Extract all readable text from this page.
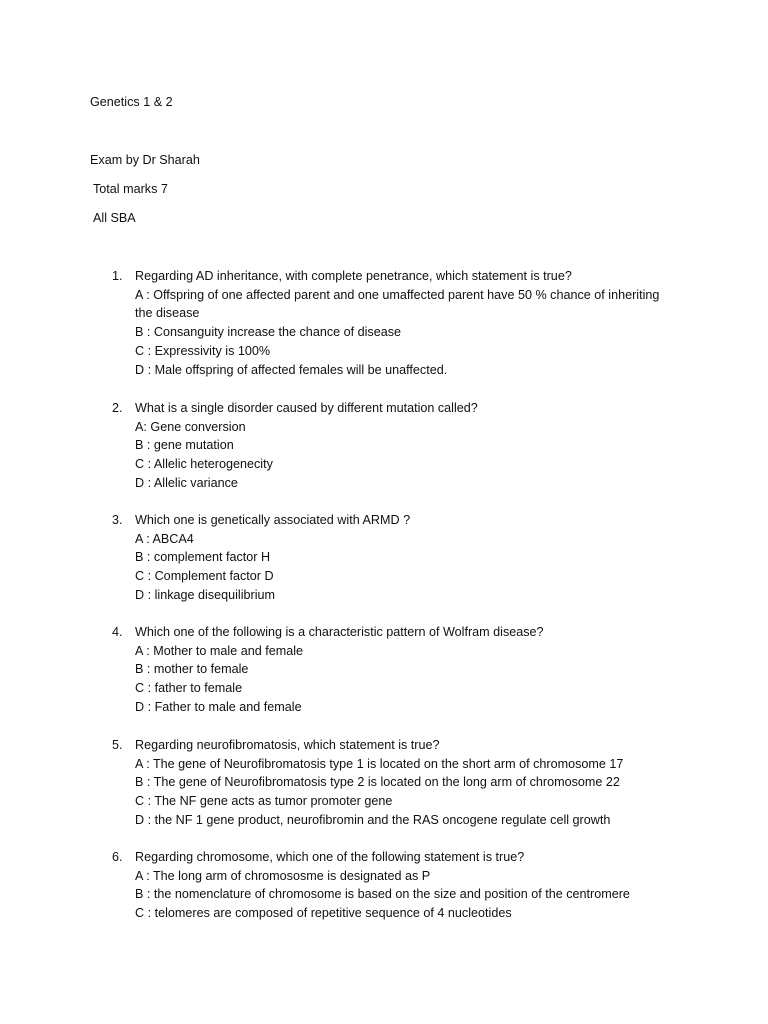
Genetics 1 & 2
Exam by Dr Sharah
Total marks 7
All SBA
1. Regarding AD inheritance, with complete penetrance, which statement is true?
A : Offspring of one affected parent and one umaffected parent have 50 % chance of inheriting the disease
B : Consanguity increase the chance of disease
C : Expressivity is 100%
D : Male offspring of affected females will be unaffected.
2. What is a single disorder caused by different mutation called?
A: Gene conversion
B : gene mutation
C : Allelic heterogenecity
D : Allelic variance
3. Which one is genetically associated with ARMD ?
A : ABCA4
B : complement factor H
C : Complement factor D
D : linkage disequilibrium
4. Which one of the following is a characteristic pattern of Wolfram disease?
A : Mother to male and female
B : mother to female
C : father to female
D : Father to male and female
5. Regarding neurofibromatosis, which statement is true?
A : The gene of Neurofibromatosis type 1 is located on the short arm of chromosome 17
B : The gene of Neurofibromatosis type 2 is located on the long arm of chromosome 22
C : The NF gene acts as tumor promoter gene
D : the NF 1 gene product, neurofibromin and the RAS oncogene regulate cell growth
6. Regarding chromosome, which one of the following statement is true?
A : The long arm of chromososme is designated as P
B : the nomenclature of chromosome is based on the size and position of the centromere
C : telomeres are composed of repetitive sequence of 4 nucleotides
